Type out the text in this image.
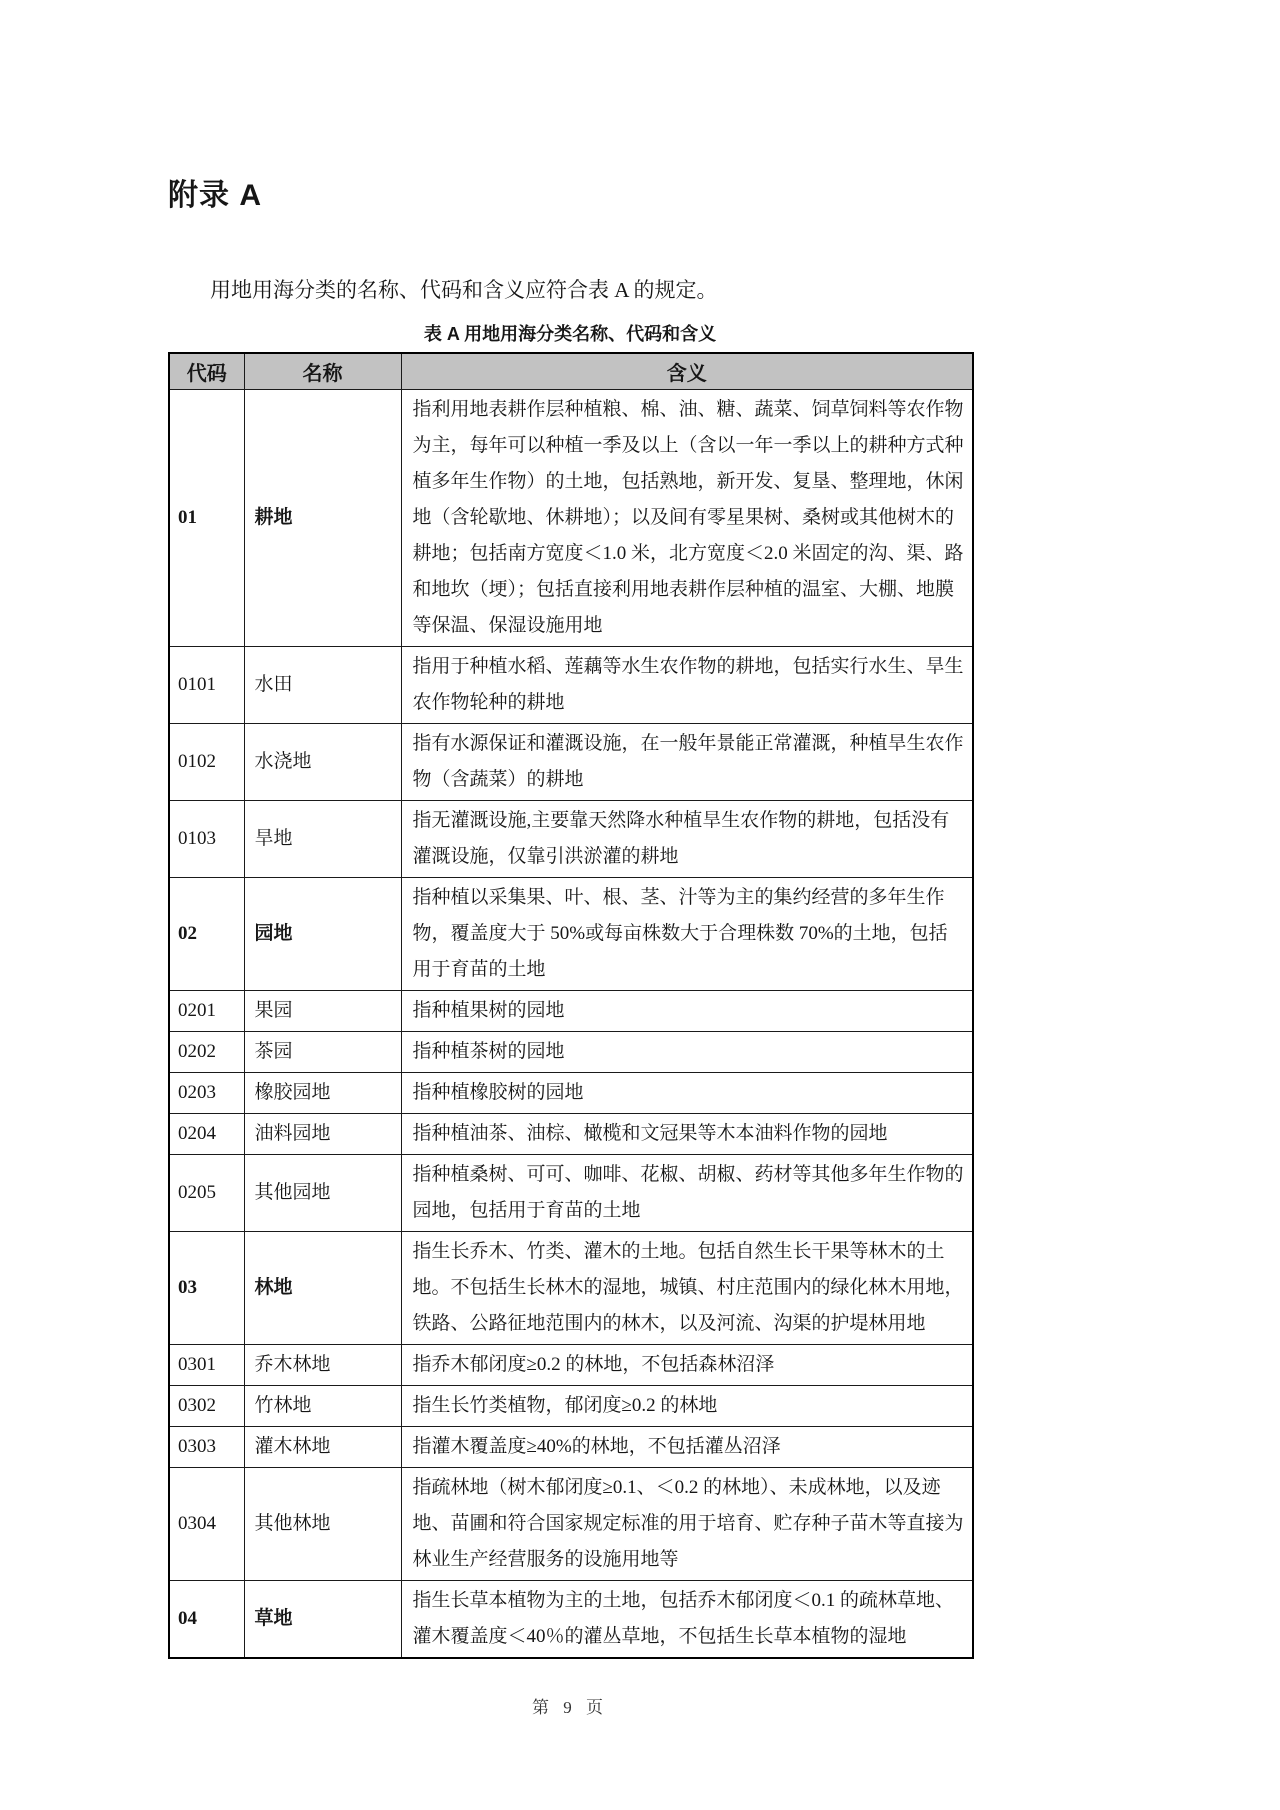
附录 A

用地用海分类的名称、代码和含义应符合表 A 的规定。

表 A 用地用海分类名称、代码和含义
代码	名称	含义
01	耕地	指利用地表耕作层种植粮、棉、油、糖、蔬菜、饲草饲料等农作物为主，每年可以种植一季及以上（含以一年一季以上的耕种方式种植多年生作物）的土地，包括熟地，新开发、复垦、整理地，休闲地（含轮歇地、休耕地）；以及间有零星果树、桑树或其他树木的耕地；包括南方宽度＜1.0 米，北方宽度＜2.0 米固定的沟、渠、路和地坎（埂）；包括直接利用地表耕作层种植的温室、大棚、地膜等保温、保湿设施用地
0101	水田	指用于种植水稻、莲藕等水生农作物的耕地，包括实行水生、旱生农作物轮种的耕地
0102	水浇地	指有水源保证和灌溉设施，在一般年景能正常灌溉，种植旱生农作物（含蔬菜）的耕地
0103	旱地	指无灌溉设施,主要靠天然降水种植旱生农作物的耕地，包括没有灌溉设施，仅靠引洪淤灌的耕地
02	园地	指种植以采集果、叶、根、茎、汁等为主的集约经营的多年生作物，覆盖度大于 50%或每亩株数大于合理株数 70%的土地，包括用于育苗的土地
0201	果园	指种植果树的园地
0202	茶园	指种植茶树的园地
0203	橡胶园地	指种植橡胶树的园地
0204	油料园地	指种植油茶、油棕、橄榄和文冠果等木本油料作物的园地
0205	其他园地	指种植桑树、可可、咖啡、花椒、胡椒、药材等其他多年生作物的园地，包括用于育苗的土地
03	林地	指生长乔木、竹类、灌木的土地。包括自然生长干果等林木的土地。不包括生长林木的湿地，城镇、村庄范围内的绿化林木用地，铁路、公路征地范围内的林木，以及河流、沟渠的护堤林用地
0301	乔木林地	指乔木郁闭度≥0.2 的林地，不包括森林沼泽
0302	竹林地	指生长竹类植物，郁闭度≥0.2 的林地
0303	灌木林地	指灌木覆盖度≥40%的林地，不包括灌丛沼泽
0304	其他林地	指疏林地（树木郁闭度≥0.1、＜0.2 的林地）、未成林地，以及迹地、苗圃和符合国家规定标准的用于培育、贮存种子苗木等直接为林业生产经营服务的设施用地等
04	草地	指生长草本植物为主的土地，包括乔木郁闭度＜0.1 的疏林草地、灌木覆盖度＜40％的灌丛草地，不包括生长草本植物的湿地
第 9 页
